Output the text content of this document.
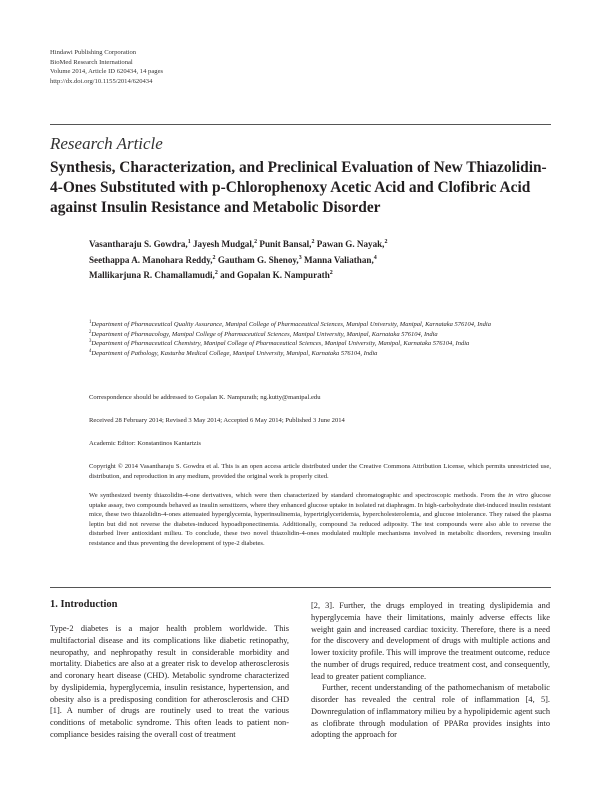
Hindawi Publishing Corporation
BioMed Research International
Volume 2014, Article ID 620434, 14 pages
http://dx.doi.org/10.1155/2014/620434
Research Article
Synthesis, Characterization, and Preclinical Evaluation of New Thiazolidin-4-Ones Substituted with p-Chlorophenoxy Acetic Acid and Clofibric Acid against Insulin Resistance and Metabolic Disorder
Vasantharaju S. Gowdra,$^1$ Jayesh Mudgal,$^2$ Punit Bansal,$^2$ Pawan G. Nayak,$^2$
Seethappa A. Manohara Reddy,$^2$ Gautham G. Shenoy,$^3$ Manna Valiathan,$^4$
Mallikarjuna R. Chamallamudi,$^2$ and Gopalan K. Nampurath$^2$
$^1$Department of Pharmaceutical Quality Assurance, Manipal College of Pharmaceutical Sciences, Manipal University, Manipal, Karnataka 576104, India
$^2$Department of Pharmacology, Manipal College of Pharmaceutical Sciences, Manipal University, Manipal, Karnataka 576104, India
$^3$Department of Pharmaceutical Chemistry, Manipal College of Pharmaceutical Sciences, Manipal University, Manipal, Karnataka 576104, India
$^4$Department of Pathology, Kasturba Medical College, Manipal University, Manipal, Karnataka 576104, India
Correspondence should be addressed to Gopalan K. Nampurath; ng.kutty@manipal.edu
Received 28 February 2014; Revised 3 May 2014; Accepted 6 May 2014; Published 3 June 2014
Academic Editor: Konstantinos Kantartzis
Copyright © 2014 Vasantharaju S. Gowdra et al. This is an open access article distributed under the Creative Commons Attribution License, which permits unrestricted use, distribution, and reproduction in any medium, provided the original work is properly cited.
We synthesized twenty thiazolidin-4-one derivatives, which were then characterized by standard chromatographic and spectroscopic methods. From the in vitro glucose uptake assay, two compounds behaved as insulin sensitizers, where they enhanced glucose uptake in isolated rat diaphragm. In high-carbohydrate diet-induced insulin resistant mice, these two thiazolidin-4-ones attenuated hyperglycemia, hyperinsulinemia, hypertriglyceridemia, hypercholesterolemia, and glucose intolerance. They raised the plasma leptin but did not reverse the diabetes-induced hypoadiponectinemia. Additionally, compound 3a reduced adiposity. The test compounds were also able to reverse the disturbed liver antioxidant milieu. To conclude, these two novel thiazolidin-4-ones modulated multiple mechanisms involved in metabolic disorders, reversing insulin resistance and thus preventing the development of type-2 diabetes.
1. Introduction

Type-2 diabetes is a major health problem worldwide. This multifactorial disease and its complications like diabetic retinopathy, neuropathy, and nephropathy result in considerable morbidity and mortality. Diabetics are also at a greater risk to develop atherosclerosis and coronary heart disease (CHD). Metabolic syndrome characterized by dyslipidemia, hyperglycemia, insulin resistance, hypertension, and obesity also is a predisposing condition for atherosclerosis and CHD [1]. A number of drugs are routinely used to treat the various conditions of metabolic syndrome. This often leads to patient non-compliance besides raising the overall cost of treatment

[2, 3]. Further, the drugs employed in treating dyslipidemia and hyperglycemia have their limitations, mainly adverse effects like weight gain and increased cardiac toxicity. Therefore, there is a need for the discovery and development of drugs with multiple actions and lower toxicity profile. This will improve the treatment outcome, reduce the number of drugs required, reduce treatment cost, and consequently, lead to greater patient compliance.

Further, recent understanding of the pathomechanism of metabolic disorder has revealed the central role of inflammation [4, 5]. Downregulation of inflammatory milieu by a hypolipidemic agent such as clofibrate through modulation of PPARα provides insights into adopting the approach for
